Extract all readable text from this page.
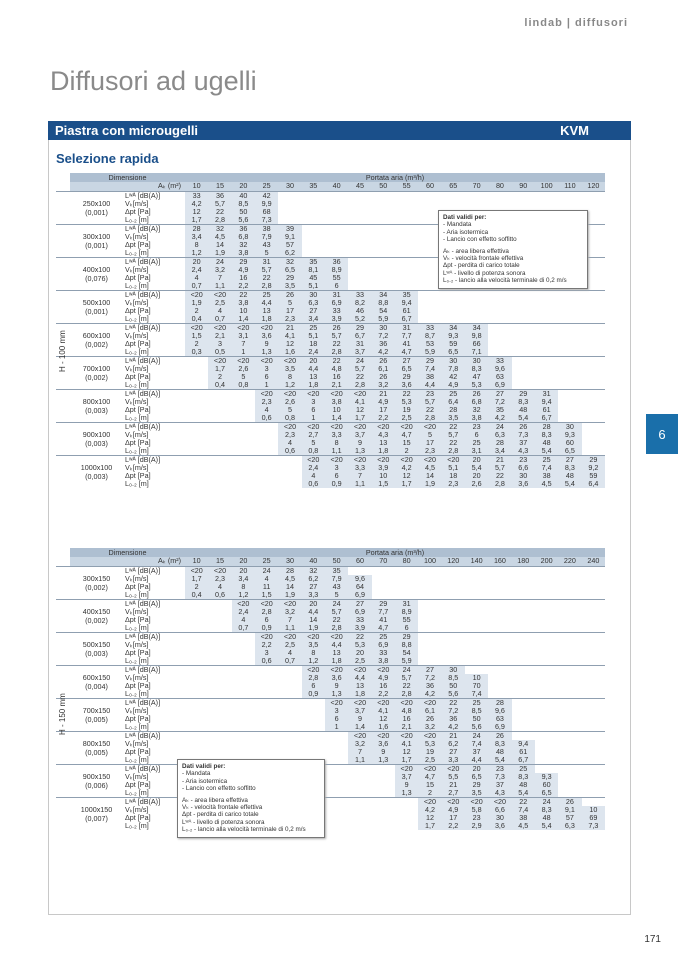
lindab | diffusori
Diffusori ad ugelli
Piastra con microugelli	KVM
Selezione rapida
	Dimensione		Portata aria (m³/h)																	
	Aₖ (m²)		10	15	20	25	30	35	40	45	50	55	60	65	70	80	90	100	110	120

	250x100
(0,001)	Lʷᴬ [dB(A)]	33	36	40	42														
		Vₖ[m/s]	4,2	5,7	8,5	9,9														
		Δpt [Pa]	12	22	50	68														
		L₀.₂ [m]	1,7	2,8	5,6	7,3														

	300x100
(0,001)	Lʷᴬ [dB(A)]	28	32	36	38	39													
		Vₖ[m/s]	3,4	4,5	6,8	7,9	9,1													
		Δpt [Pa]	8	14	32	43	57													
		L₀.₂ [m]	1,2	1,9	3,8	5	6,2													

	400x100
(0,076)	Lʷᴬ [dB(A)]	20	24	29	31	32	35	36											
		Vₖ[m/s]	2,4	3,2	4,9	5,7	6,5	8,1	8,9											
		Δpt [Pa]	4	7	16	22	29	45	55											
		L₀.₂ [m]	0,7	1,1	2,2	2,8	3,5	5,1	6											

	500x100
(0,001)	Lʷᴬ [dB(A)]	<20	<20	22	25	26	30	31	33	34	35								
		Vₖ[m/s]	1,9	2,5	3,8	4,4	5	6,3	6,9	8,2	8,8	9,4								
		Δpt [Pa]	2	4	10	13	17	27	33	46	54	61								
		L₀.₂ [m]	0,4	0,7	1,4	1,8	2,3	3,4	3,9	5,2	5,9	6,7								

	600x100
(0,002)	Lʷᴬ [dB(A)]	<20	<20	<20	<20	21	25	26	29	30	31	33	34	34					
		Vₖ[m/s]	1,5	2,1	3,1	3,6	4,1	5,1	5,7	6,7	7,2	7,7	8,7	9,3	9,8					
		Δpt [Pa]	2	3	7	9	12	18	22	31	36	41	53	59	66					
		L₀.₂ [m]	0,3	0,5	1	1,3	1,6	2,4	2,8	3,7	4,2	4,7	5,9	6,5	7,1					

	700x100
(0,002)	Lʷᴬ [dB(A)]		<20	<20	<20	<20	20	22	24	26	27	29	30	30	33				
		Vₖ[m/s]		1,7	2,6	3	3,5	4,4	4,8	5,7	6,1	6,5	7,4	7,8	8,3	9,6				
		Δpt [Pa]		2	5	6	8	13	16	22	26	29	38	42	47	63				
		L₀.₂ [m]		0,4	0,8	1	1,2	1,8	2,1	2,8	3,2	3,6	4,4	4,9	5,3	6,9				

	800x100
(0,003)	Lʷᴬ [dB(A)]				<20	<20	<20	<20	<20	21	22	23	25	26	27	29	31		
		Vₖ[m/s]				2,3	2,6	3	3,8	4,1	4,9	5,3	5,7	6,4	6,8	7,2	8,3	9,4		
		Δpt [Pa]				4	5	6	10	12	17	19	22	28	32	35	48	61		
		L₀.₂ [m]				0,6	0,8	1	1,4	1,7	2,2	2,5	2,8	3,5	3,8	4,2	5,4	6,7		

	900x100
(0,003)	Lʷᴬ [dB(A)]					<20	<20	<20	<20	<20	<20	<20	22	23	24	26	28	30	
		Vₖ[m/s]					2,3	2,7	3,3	3,7	4,3	4,7	5	5,7	6	6,3	7,3	8,3	9,3	
		Δpt [Pa]					4	5	8	9	13	15	17	22	25	28	37	48	60	
		L₀.₂ [m]					0,6	0,8	1,1	1,3	1,8	2	2,3	2,8	3,1	3,4	4,3	5,4	6,5	

	1000x100
(0,003)	Lʷᴬ [dB(A)]						<20	<20	<20	<20	<20	<20	<20	20	21	23	25	27	29
		Vₖ[m/s]						2,4	3	3,3	3,9	4,2	4,5	5,1	5,4	5,7	6,6	7,4	8,3	9,2
		Δpt [Pa]						4	6	7	10	12	14	18	20	22	30	38	48	59
		L₀.₂ [m]						0,6	0,9	1,1	1,5	1,7	1,9	2,3	2,6	2,8	3,6	4,5	5,4	6,4
H - 100 mm
	Dimensione		Portata aria (m³/h)																	
	Aₖ (m²)		10	15	20	25	30	40	50	60	70	80	100	120	140	160	180	200	220	240

	300x150
(0,002)	Lʷᴬ [dB(A)]	<20	<20	20	24	28	32	35											
		Vₖ[m/s]	1,7	2,3	3,4	4	4,5	6,2	7,9	9,6										
		Δpt [Pa]	2	4	8	11	14	27	43	64										
		L₀.₂ [m]	0,4	0,6	1,2	1,5	1,9	3,3	5	6,9										

	400x150
(0,002)	Lʷᴬ [dB(A)]			<20	<20	<20	20	24	27	29	31								
		Vₖ[m/s]			2,4	2,8	3,2	4,4	5,7	6,9	7,7	8,9								
		Δpt [Pa]			4	6	7	14	22	33	41	55								
		L₀.₂ [m]			0,7	0,9	1,1	1,9	2,8	3,9	4,7	6								

	500x150
(0,003)	Lʷᴬ [dB(A)]				<20	<20	<20	<20	22	25	29								
		Vₖ[m/s]				2,2	2,5	3,5	4,4	5,3	6,9	8,8								
		Δpt [Pa]				3	4	8	13	20	33	54								
		L₀.₂ [m]				0,6	0,7	1,2	1,8	2,5	3,8	5,9								

	600x150
(0,004)	Lʷᴬ [dB(A)]						<20	<20	<20	<20	24	27	30						
		Vₖ[m/s]						2,8	3,6	4,4	4,9	5,7	7,2	8,5	10					
		Δpt [Pa]						6	9	13	16	22	36	50	70					
		L₀.₂ [m]						0,9	1,3	1,8	2,2	2,8	4,2	5,6	7,4					

	700x150
(0,005)	Lʷᴬ [dB(A)]							<20	<20	<20	<20	<20	22	25	28				
		Vₖ[m/s]							3	3,7	4,1	4,8	6,1	7,2	8,5	9,6				
		Δpt [Pa]							6	9	12	16	26	36	50	63				
		L₀.₂ [m]							1	1,4	1,6	2,1	3,2	4,2	5,6	6,9				

	800x150
(0,005)	Lʷᴬ [dB(A)]								<20	<20	<20	<20	21	24	26				
		Vₖ[m/s]								3,2	3,6	4,1	5,3	6,2	7,4	8,3	9,4			
		Δpt [Pa]								7	9	12	19	27	37	48	61			
		L₀.₂ [m]								1,1	1,3	1,7	2,5	3,3	4,4	5,4	6,7			

	900x150
(0,006)	Lʷᴬ [dB(A)]										<20	<20	<20	20	23	25			
		Vₖ[m/s]										3,7	4,7	5,5	6,5	7,3	8,3	9,3		
		Δpt [Pa]										9	15	21	29	37	48	60		
		L₀.₂ [m]										1,3	2	2,7	3,5	4,3	5,4	6,5		

	1000x150
(0,007)	Lʷᴬ [dB(A)]											<20	<20	<20	<20	22	24	26	
		Vₖ[m/s]											4,2	4,9	5,8	6,6	7,4	8,3	9,1	10
		Δpt [Pa]											12	17	23	30	38	48	57	69
		L₀.₂ [m]											1,7	2,2	2,9	3,6	4,5	5,4	6,3	7,3
H - 150 mm
Dati validi per:
- Mandata
- Aria isotermica
- Lancio con effetto soffitto
Aₖ - area libera effettiva
Vₖ - velocità frontale effettiva
Δpt - perdita di carico totale
Lʷᴬ - livello di potenza sonora
L₀.₂ - lancio alla velocità terminale di 0,2 m/s
Dati validi per:
- Mandata
- Aria isotermica
- Lancio con effetto soffitto
Aₖ - area libera effettiva
Vₖ - velocità frontale effettiva
Δpt - perdita di carico totale
Lʷᴬ - livello di potenza sonora
L₀.₂ - lancio alla velocità terminale di 0,2 m/s
6
171
